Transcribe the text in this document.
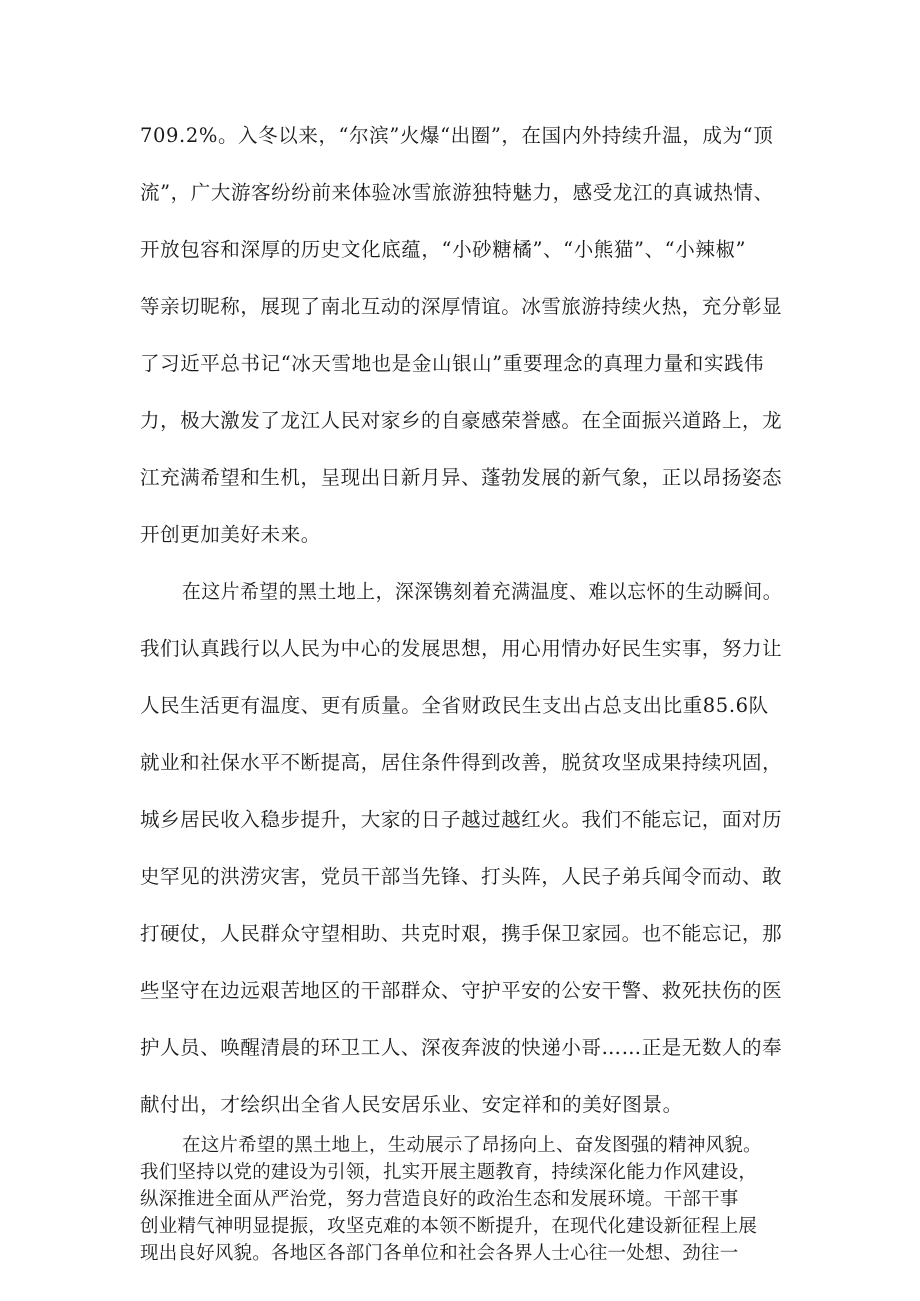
709.2%。入冬以来，“尔滨”火爆“出圈”，在国内外持续升温，成为“顶
流”，广大游客纷纷前来体验冰雪旅游独特魅力，感受龙江的真诚热情、
开放包容和深厚的历史文化底蕴，“小砂糖橘”、“小熊猫”、“小辣椒”
等亲切昵称，展现了南北互动的深厚情谊。冰雪旅游持续火热，充分彰显
了习近平总书记“冰天雪地也是金山银山”重要理念的真理力量和实践伟
力，极大激发了龙江人民对家乡的自豪感荣誉感。在全面振兴道路上，龙
江充满希望和生机，呈现出日新月异、蓬勃发展的新气象，正以昂扬姿态
开创更加美好未来。
在这片希望的黑土地上，深深镌刻着充满温度、难以忘怀的生动瞬间。
我们认真践行以人民为中心的发展思想，用心用情办好民生实事，努力让
人民生活更有温度、更有质量。全省财政民生支出占总支出比重85.6队
就业和社保水平不断提高，居住条件得到改善，脱贫攻坚成果持续巩固，
城乡居民收入稳步提升，大家的日子越过越红火。我们不能忘记，面对历
史罕见的洪涝灾害，党员干部当先锋、打头阵，人民子弟兵闻令而动、敢
打硬仗，人民群众守望相助、共克时艰，携手保卫家园。也不能忘记，那
些坚守在边远艰苦地区的干部群众、守护平安的公安干警、救死扶伤的医
护人员、唤醒清晨的环卫工人、深夜奔波的快递小哥……正是无数人的奉
献付出，才绘织出全省人民安居乐业、安定祥和的美好图景。
在这片希望的黑土地上，生动展示了昂扬向上、奋发图强的精神风貌。
我们坚持以党的建设为引领，扎实开展主题教育，持续深化能力作风建设，
纵深推进全面从严治党，努力营造良好的政治生态和发展环境。干部干事
创业精气神明显提振，攻坚克难的本领不断提升，在现代化建设新征程上展
现出良好风貌。各地区各部门各单位和社会各界人士心往一处想、劲往一
